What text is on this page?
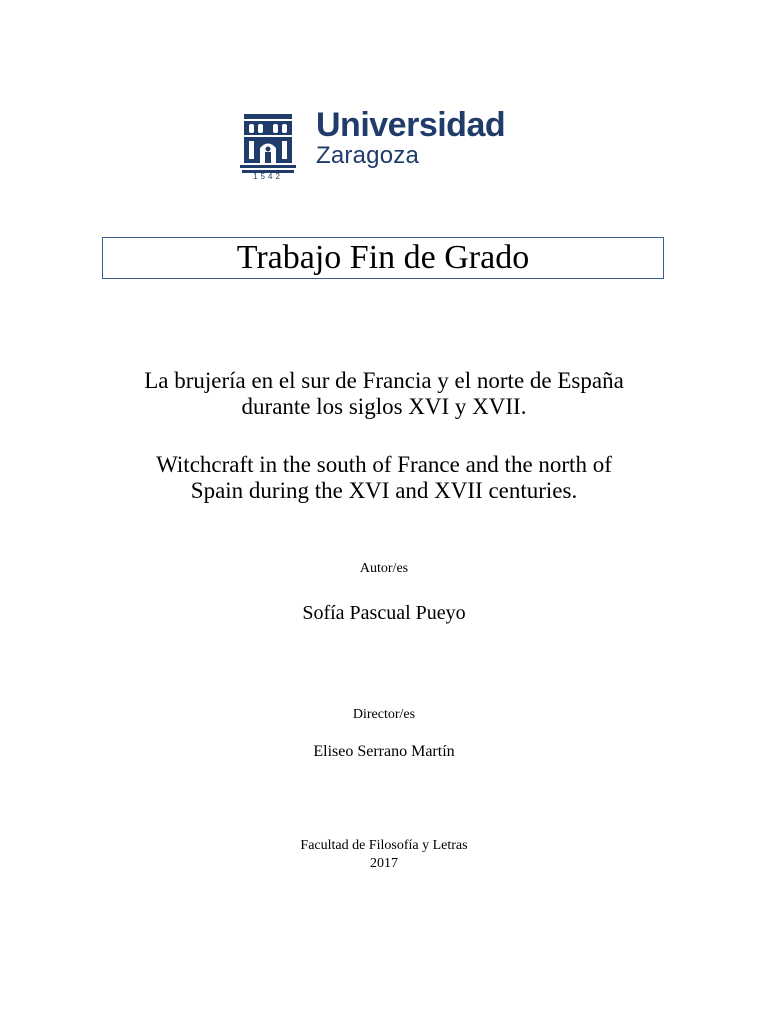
Universidad
Zaragoza
1542
Trabajo Fin de Grado
La brujería en el sur de Francia y el norte de España
durante los siglos XVI y XVII.
Witchcraft in the south of France and the north of
Spain during the XVI and XVII centuries.
Autor/es
Sofía Pascual Pueyo
Director/es
Eliseo Serrano Martín
Facultad de Filosofía y Letras
2017
